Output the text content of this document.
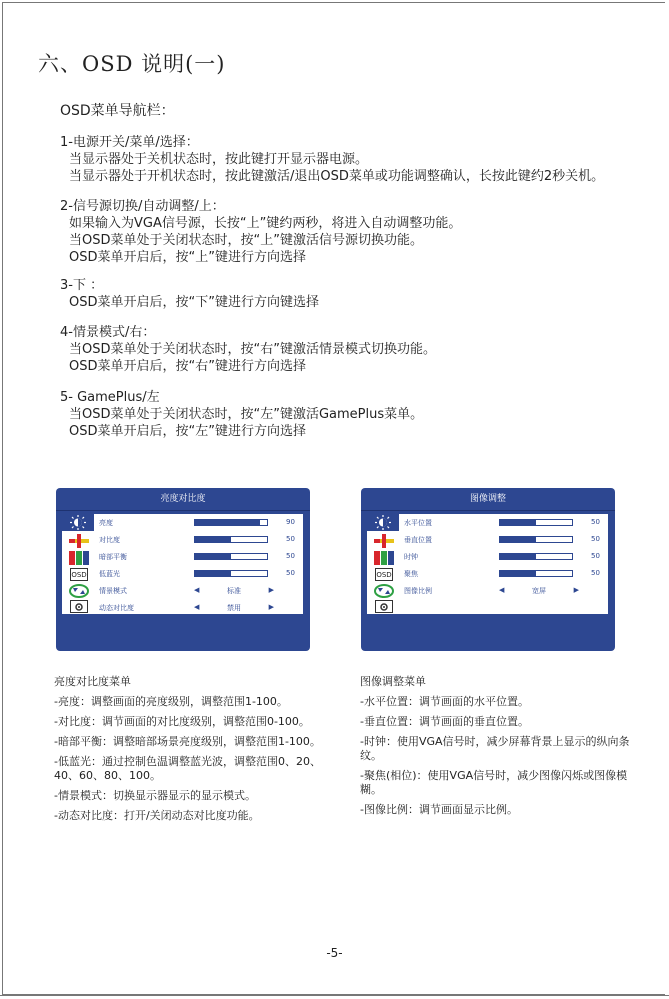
六、OSD 说明(一)
OSD菜单导航栏：
1-电源开关/菜单/选择：
当显示器处于关机状态时，按此键打开显示器电源。
当显示器处于开机状态时，按此键激活/退出OSD菜单或功能调整确认，长按此键约2秒关机。
2-信号源切换/自动调整/上：
如果输入为VGA信号源，长按“上”键约两秒，将进入自动调整功能。
当OSD菜单处于关闭状态时，按“上”键激活信号源切换功能。
OSD菜单开启后，按“上”键进行方向选择
3-下 ：
OSD菜单开启后，按“下”键进行方向键选择
4-情景模式/右：
当OSD菜单处于关闭状态时，按“右”键激活情景模式切换功能。
OSD菜单开启后，按“右”键进行方向选择
5- GamePlus/左
当OSD菜单处于关闭状态时，按“左”键激活GamePlus菜单。
OSD菜单开启后，按“左”键进行方向选择
亮度对比度
OSD
亮度	90
对比度	50
暗部平衡	50
低蓝光	50
情景模式	◀	标准	▶
动态对比度	◀	禁用	▶
图像调整
OSD
水平位置	50
垂直位置	50
时钟	50
聚焦	50
图像比例	◀	宽屏	▶
亮度对比度菜单
-亮度：调整画面的亮度级别，调整范围1-100。
-对比度：调节画面的对比度级别，调整范围0-100。
-暗部平衡：调整暗部场景亮度级别，调整范围1-100。
-低蓝光：通过控制色温调整蓝光波，调整范围0、20、40、60、80、100。
-情景模式：切换显示器显示的显示模式。
-动态对比度：打开/关闭动态对比度功能。
图像调整菜单
-水平位置：调节画面的水平位置。
-垂直位置：调节画面的垂直位置。
-时钟：使用VGA信号时，减少屏幕背景上显示的纵向条纹。
-聚焦(相位)：使用VGA信号时，减少图像闪烁或图像模糊。
-图像比例：调节画面显示比例。
-5-
